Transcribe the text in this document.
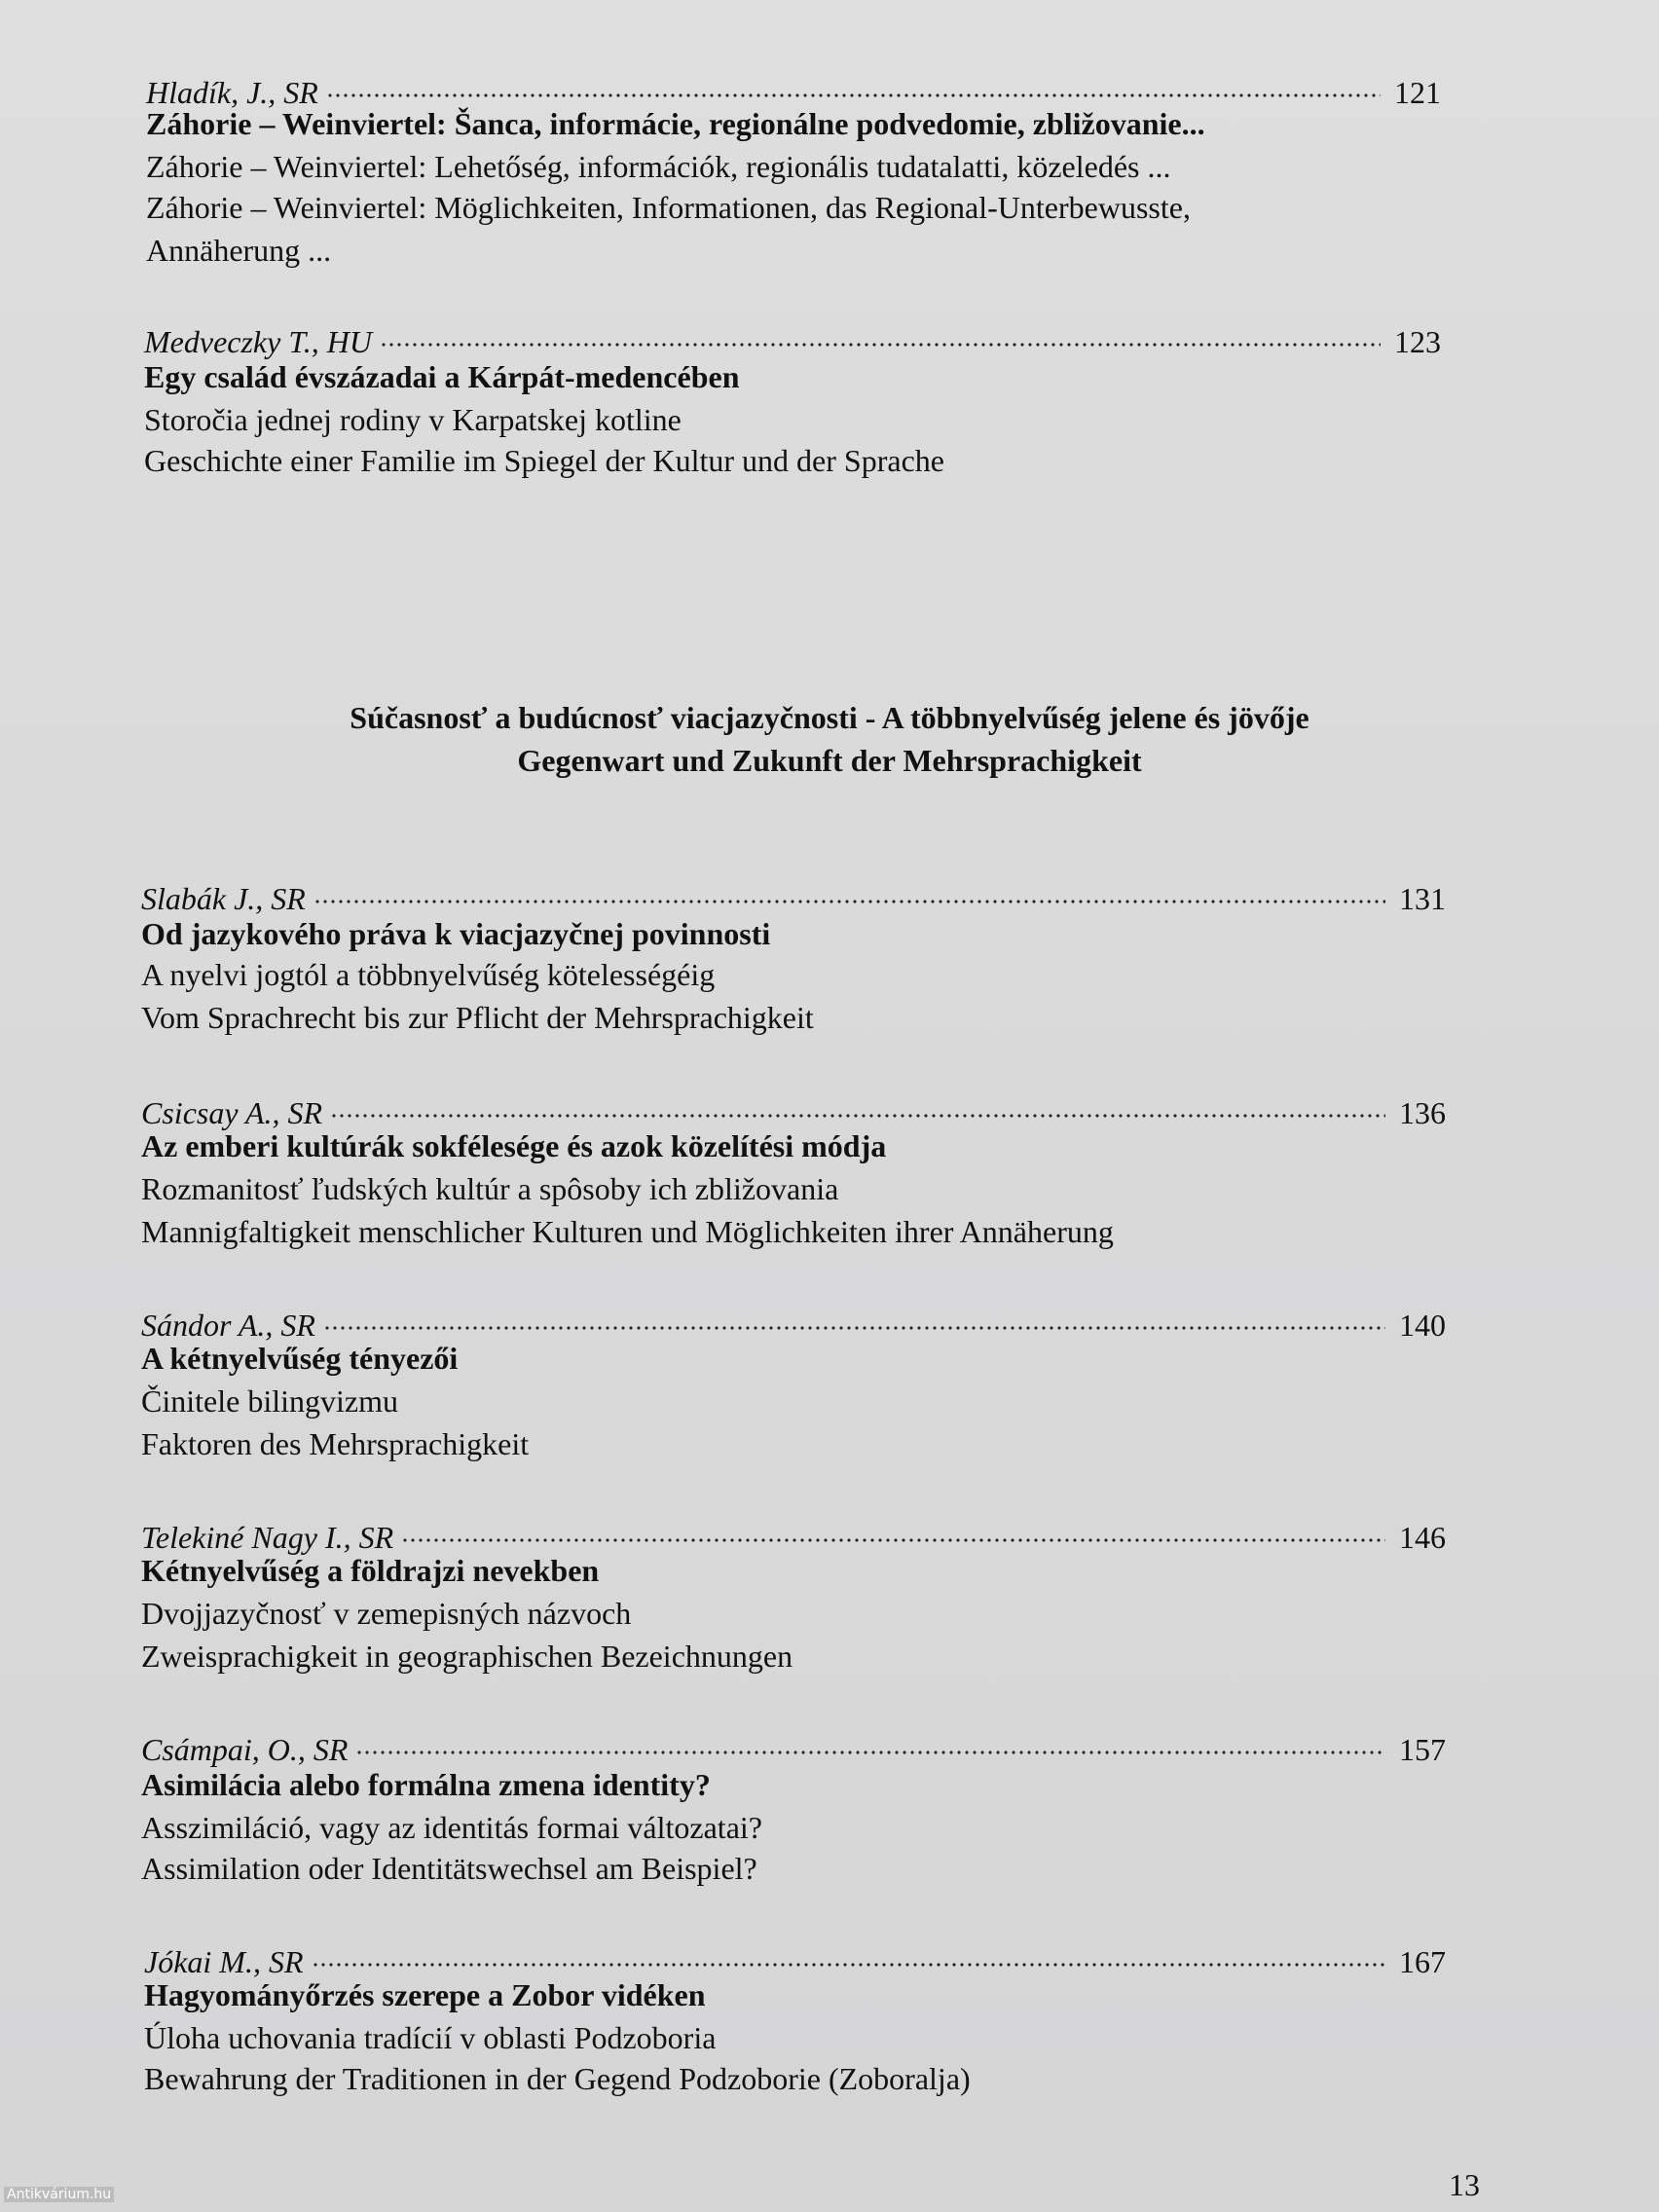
Hladík, J., SR	121
Záhorie – Weinviertel: Šanca, informácie, regionálne podvedomie, zbližovanie...
Záhorie – Weinviertel: Lehetőség, információk, regionális tudatalatti, közeledés ...
Záhorie – Weinviertel: Möglichkeiten, Informationen, das Regional-Unterbewusste,
Annäherung ...
Medveczky T., HU	123
Egy család évszázadai a Kárpát-medencében
Storočia jednej rodiny v Karpatskej kotline
Geschichte einer Familie im Spiegel der Kultur und der Sprache
Súčasnosť a budúcnosť viacjazyčnosti - A többnyelvűség jelene és jövője
Gegenwart und Zukunft der Mehrsprachigkeit
Slabák J., SR	131
Od jazykového práva k viacjazyčnej povinnosti
A nyelvi jogtól a többnyelvűség kötelességéig
Vom Sprachrecht bis zur Pflicht der Mehrsprachigkeit
Csicsay A., SR	136
Az emberi kultúrák sokfélesége és azok közelítési módja
Rozmanitosť ľudských kultúr a spôsoby ich zbližovania
Mannigfaltigkeit menschlicher Kulturen und Möglichkeiten ihrer Annäherung
Sándor A., SR	140
A kétnyelvűség tényezői
Činitele bilingvizmu
Faktoren des Mehrsprachigkeit
Telekiné Nagy I., SR	146
Kétnyelvűség a földrajzi nevekben
Dvojjazyčnosť v zemepisných názvoch
Zweisprachigkeit in geographischen Bezeichnungen
Csámpai, O., SR	157
Asimilácia alebo formálna zmena identity?
Asszimiláció, vagy az identitás formai változatai?
Assimilation oder Identitätswechsel am Beispiel?
Jókai M., SR	167
Hagyományőrzés szerepe a Zobor vidéken
Úloha uchovania tradícií v oblasti Podzoboria
Bewahrung der Traditionen in der Gegend Podzoborie (Zoboralja)
13
Antikvárium.hu
